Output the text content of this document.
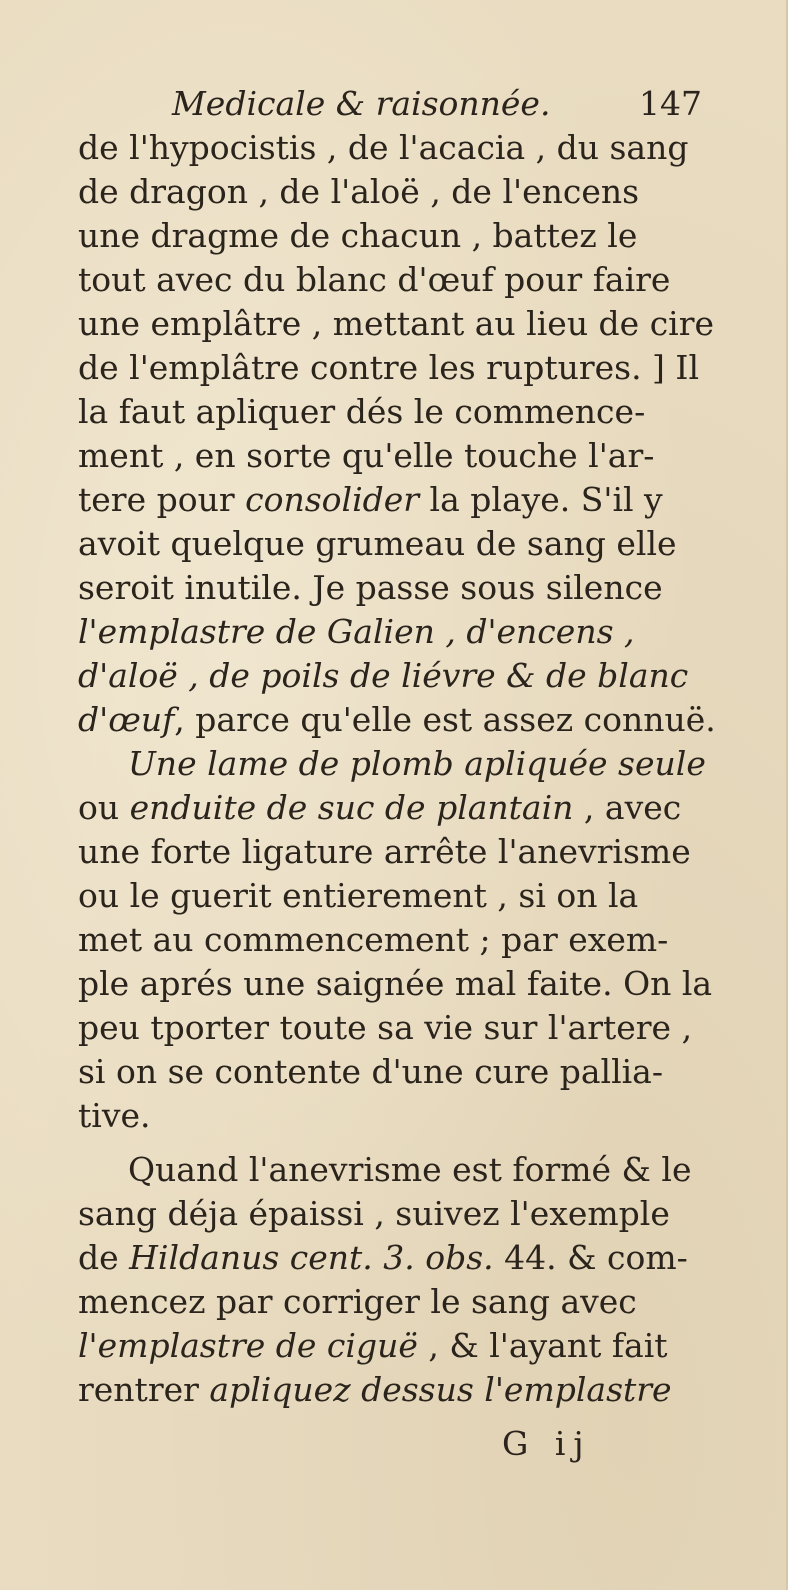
Medicale & raisonnée.	147
de l'hypocistis , de l'acacia , du sang
de dragon , de l'aloë , de l'encens
une dragme de chacun , battez le
tout avec du blanc d'œuf pour faire
une emplâtre , mettant au lieu de cire
de l'emplâtre contre les ruptures. ] Il
la faut apliquer dés le commence-
ment , en sorte qu'elle touche l'ar-
tere pour consolider la playe. S'il y
avoit quelque grumeau de sang elle
seroit inutile. Je passe sous silence
l'emplastre de Galien , d'encens ,
d'aloë , de poils de liévre & de blanc
d'œuf, parce qu'elle est assez connuë.
Une lame de plomb apliquée seule
ou enduite de suc de plantain , avec
une forte ligature arrête l'anevrisme
ou le guerit entierement , si on la
met au commencement ; par exem-
ple aprés une saignée mal faite. On la
peu tporter toute sa vie sur l'artere ,
si on se contente d'une cure pallia-
tive.
Quand l'anevrisme est formé & le
sang déja épaissi , suivez l'exemple
de Hildanus cent. 3. obs. 44. & com-
mencez par corriger le sang avec
l'emplastre de ciguë , & l'ayant fait
rentrer apliquez dessus l'emplastre
G ij
